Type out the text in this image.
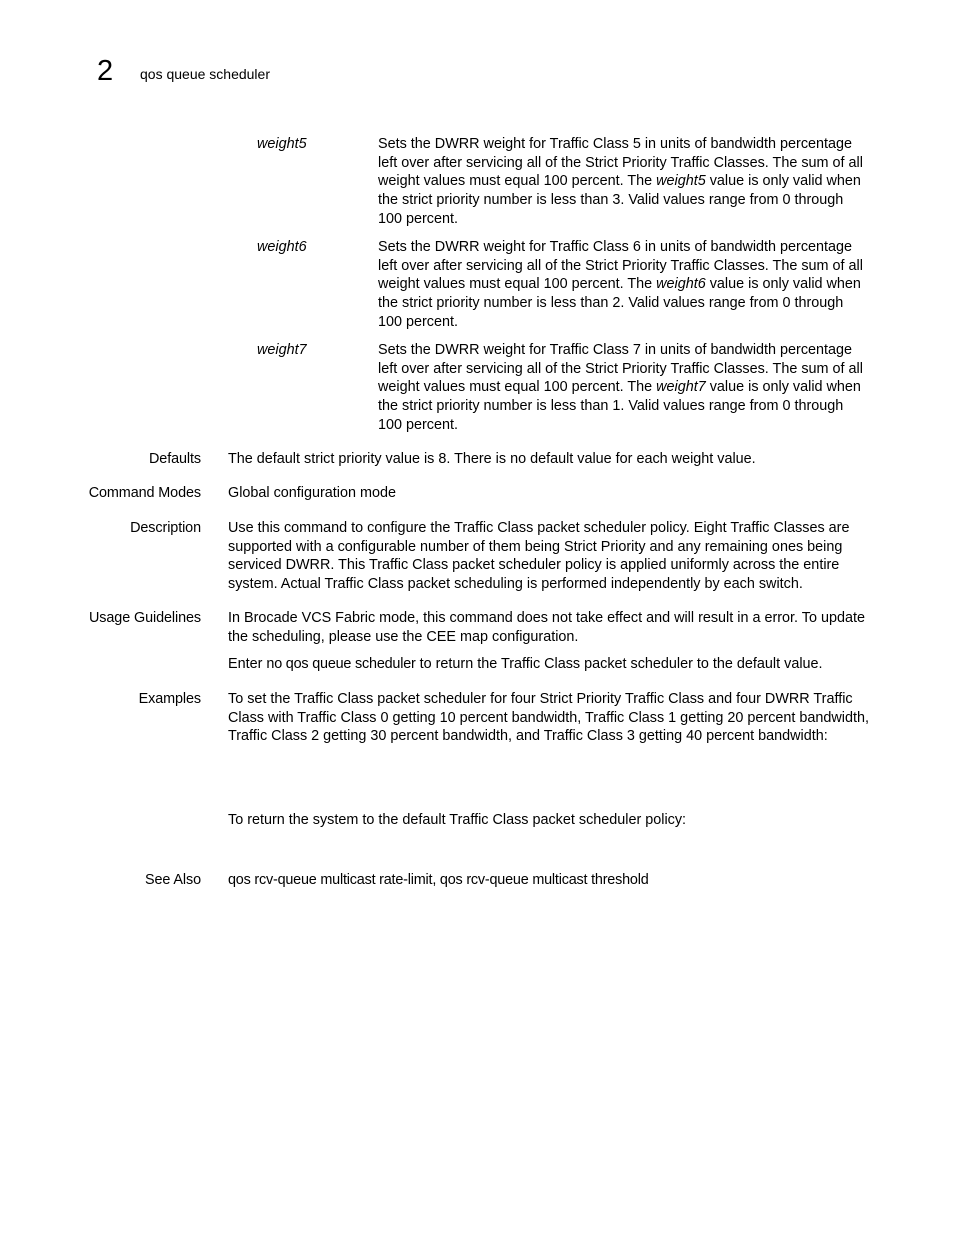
2 qos queue scheduler
weight5	Sets the DWRR weight for Traffic Class 5 in units of bandwidth percentage left over after servicing all of the Strict Priority Traffic Classes. The sum of all weight values must equal 100 percent. The weight5 value is only valid when the strict priority number is less than 3. Valid values range from 0 through 100 percent.

weight6	Sets the DWRR weight for Traffic Class 6 in units of bandwidth percentage left over after servicing all of the Strict Priority Traffic Classes. The sum of all weight values must equal 100 percent. The weight6 value is only valid when the strict priority number is less than 2. Valid values range from 0 through 100 percent.

weight7	Sets the DWRR weight for Traffic Class 7 in units of bandwidth percentage left over after servicing all of the Strict Priority Traffic Classes. The sum of all weight values must equal 100 percent. The weight7 value is only valid when the strict priority number is less than 1. Valid values range from 0 through 100 percent.

Defaults The default strict priority value is 8. There is no default value for each weight value.

Command Modes Global configuration mode

Description Use this command to configure the Traffic Class packet scheduler policy. Eight Traffic Classes are supported with a configurable number of them being Strict Priority and any remaining ones being serviced DWRR. This Traffic Class packet scheduler policy is applied uniformly across the entire system. Actual Traffic Class packet scheduling is performed independently by each switch.

Usage Guidelines In Brocade VCS Fabric mode, this command does not take effect and will result in a error. To update the scheduling, please use the CEE map configuration.

Enter no qos queue scheduler to return the Traffic Class packet scheduler to the default value.

Examples To set the Traffic Class packet scheduler for four Strict Priority Traffic Class and four DWRR Traffic Class with Traffic Class 0 getting 10 percent bandwidth, Traffic Class 1 getting 20 percent bandwidth, Traffic Class 2 getting 30 percent bandwidth, and Traffic Class 3 getting 40 percent bandwidth:

To return the system to the default Traffic Class packet scheduler policy:

See Also qos rcv-queue multicast rate-limit, qos rcv-queue multicast threshold
